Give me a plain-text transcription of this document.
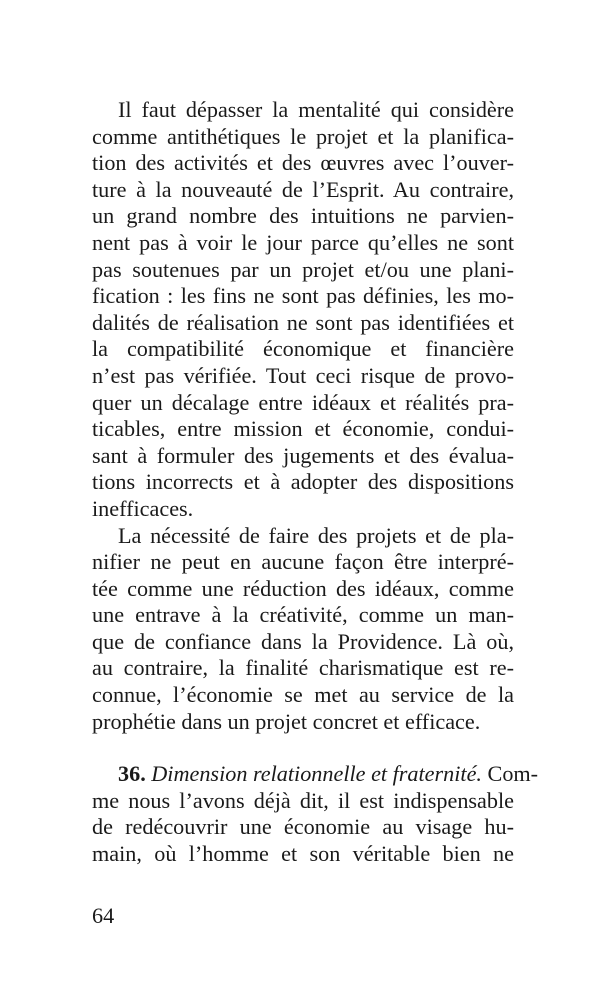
Il faut dépasser la mentalité qui considère
comme antithétiques le projet et la planifica-
tion des activités et des œuvres avec l’ouver-
ture à la nouveauté de l’Esprit. Au contraire,
un grand nombre des intuitions ne parvien-
nent pas à voir le jour parce qu’elles ne sont
pas soutenues par un projet et/ou une plani-
fication : les fins ne sont pas définies, les mo-
dalités de réalisation ne sont pas identifiées et
la compatibilité économique et financière
n’est pas vérifiée. Tout ceci risque de provo-
quer un décalage entre idéaux et réalités pra-
ticables, entre mission et économie, condui-
sant à formuler des jugements et des évalua-
tions incorrects et à adopter des dispositions
inefficaces.
La nécessité de faire des projets et de pla-
nifier ne peut en aucune façon être interpré-
tée comme une réduction des idéaux, comme
une entrave à la créativité, comme un man-
que de confiance dans la Providence. Là où,
au contraire, la finalité charismatique est re-
connue, l’économie se met au service de la
prophétie dans un projet concret et efficace.
36. Dimension relationnelle et fraternité. Com-
me nous l’avons déjà dit, il est indispensable
de redécouvrir une économie au visage hu-
main, où l’homme et son véritable bien ne
64
